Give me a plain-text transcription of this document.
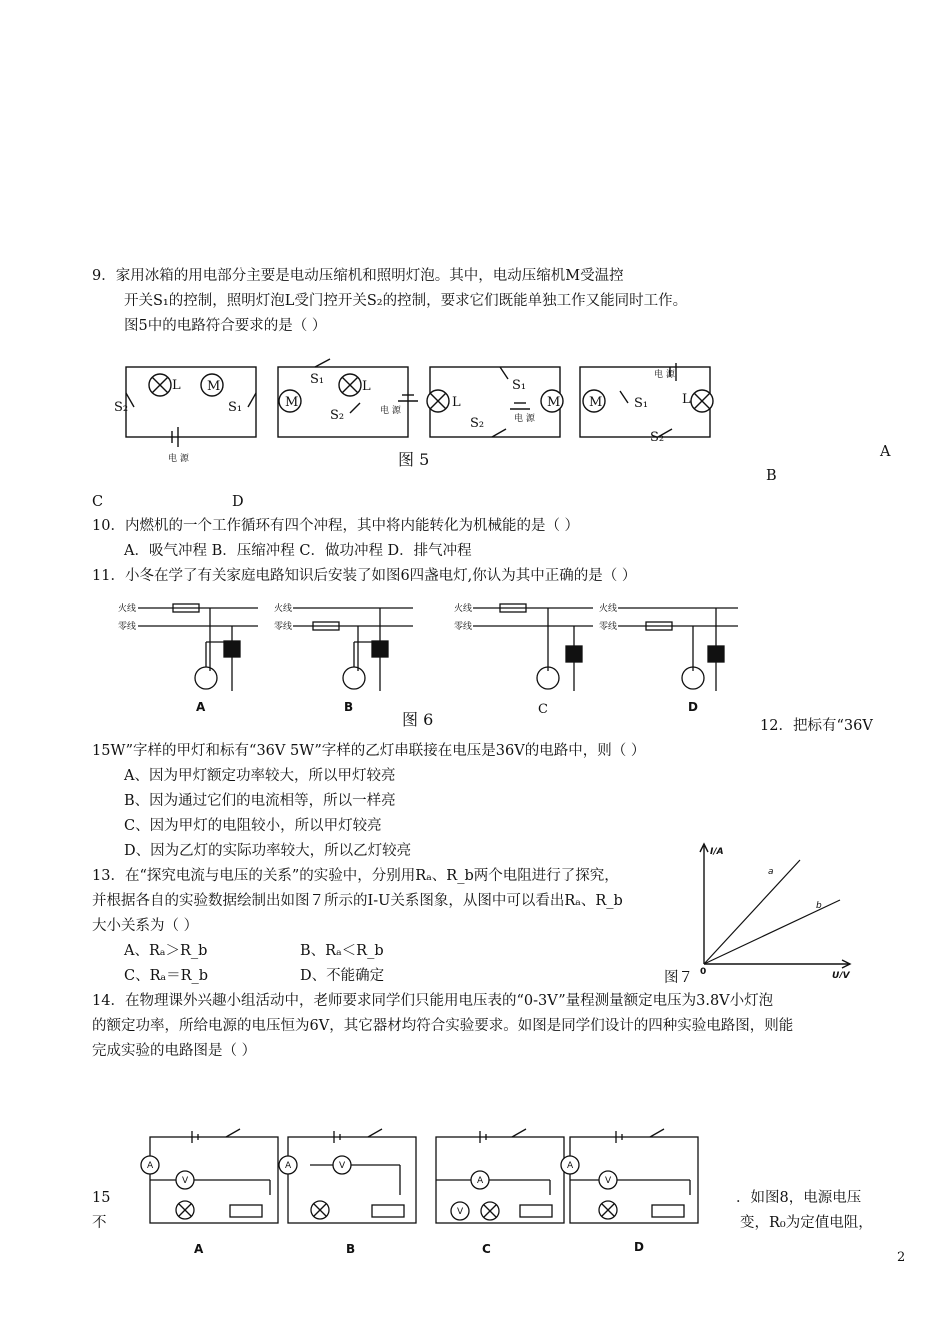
9．家用冰箱的用电部分主要是电动压缩机和照明灯泡。其中，电动压缩机M受温控
开关S₁的控制，照明灯泡L受门控开关S₂的控制，要求它们既能单独工作又能同时工作。
图5中的电路符合要求的是（ ）
L M
S₂	S₁
电 源
M
S₁	L
S₂	电 源
L
S₁
S₂	电 源
M M S₁	L
S₂
电 源
图 5	A
B
C	D
10．内燃机的一个工作循环有四个冲程，其中将内能转化为机械能的是（ ）
A．吸气冲程 B．压缩冲程 C．做功冲程 D．排气冲程
11．小冬在学了有关家庭电路知识后安装了如图6四盏电灯,你认为其中正确的是（ ）
火线
零线
火线
零线
火线
零线
火线
零线
A	B	C	D
图 6	12．把标有“36V
15W”字样的甲灯和标有“36V 5W”字样的乙灯串联接在电压是36V的电路中，则（ ）
A、因为甲灯额定功率较大，所以甲灯较亮
B、因为通过它们的电流相等，所以一样亮
C、因为甲灯的电阻较小，所以甲灯较亮
D、因为乙灯的实际功率较大，所以乙灯较亮
13．在“探究电流与电压的关系”的实验中，分别用Rₐ、R_b两个电阻进行了探究，
并根据各自的实验数据绘制出如图７所示的I-U关系图象，从图中可以看出Rₐ、R_b
大小关系为（ ）
A、Rₐ＞R_b	B、Rₐ＜R_b
C、Rₐ＝R_b	D、不能确定
I/A
U/V
0
a
b
图７
14．在物理课外兴趣小组活动中，老师要求同学们只能用电压表的“0-3V”量程测量额定电压为3.8V小灯泡
的额定功率，所给电源的电压恒为6V，其它器材均符合实验要求。如图是同学们设计的四种实验电路图，则能
完成实验的电路图是（ ）
A
V
A	V
A
V
A
V
A	B	C	D
15	．如图8，电源电压
不	变，R₀为定值电阻，
2
